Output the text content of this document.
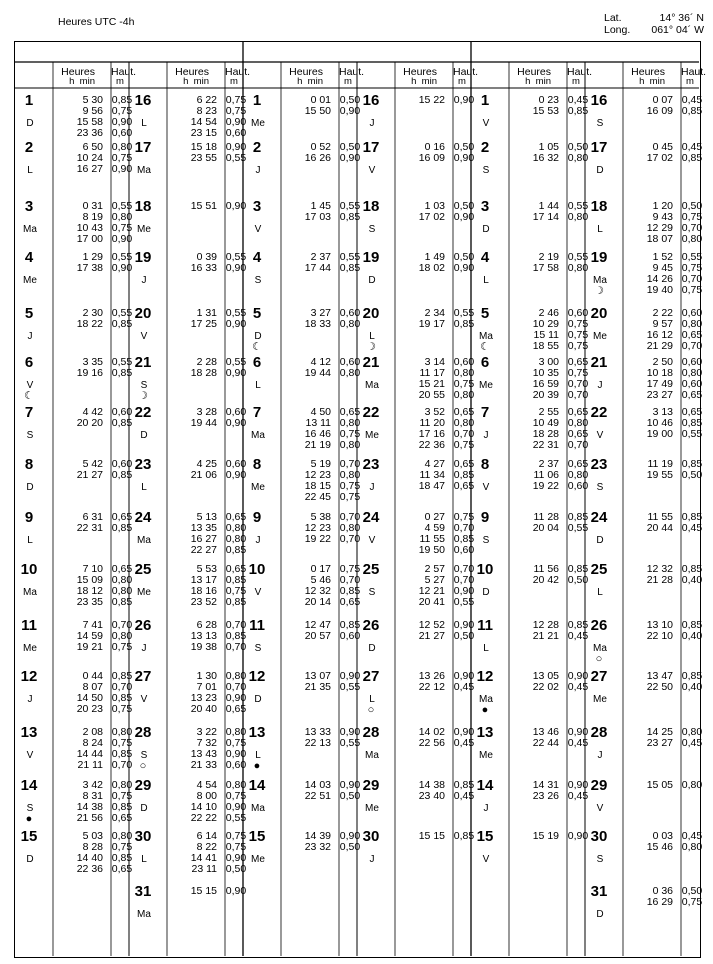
Heures UTC -4h	Lat.	14° 36´ N
Long. 061° 04´ W
Heures
h  min
Haut.
m
1
D
5 30 0,85
9 56 0,75
15 58 0,90
23 36 0,60
2
L
6 50 0,80
10 24 0,75
16 27 0,90
3
Ma
0 31 0,55
8 19 0,80
10 43 0,75
17 00 0,90
4
Me
1 29 0,55
17 38 0,90
5
J
2 30 0,55
18 22 0,85
6
V
☾
3 35 0,55
19 16 0,85
7
S
4 42 0,60
20 20 0,85
8
D
5 42 0,60
21 27 0,85
9
L
6 31 0,65
22 31 0,85
10
Ma
7 10 0,65
15 09 0,80
18 12 0,80
23 35 0,85
11
Me
7 41 0,70
14 59 0,80
19 21 0,75
12
J
0 44 0,85
8 07 0,70
14 50 0,85
20 23 0,75
13
V
2 08 0,80
8 24 0,75
14 44 0,85
21 11 0,70
14
S
●
3 42 0,80
8 31 0,75
14 38 0,85
21 56 0,65
15
D
5 03 0,80
8 28 0,75
14 40 0,85
22 36 0,65
Heures
h  min
Haut.
m
16
L
6 22 0,75
8 23 0,75
14 54 0,90
23 15 0,60
17
Ma
15 18 0,90
23 55 0,55
18
Me
15 51 0,90
19
J
0 39 0,55
16 33 0,90
20
V
1 31 0,55
17 25 0,90
21
S
☽
2 28 0,55
18 28 0,90
22
D
3 28 0,60
19 44 0,90
23
L
4 25 0,60
21 06 0,90
24
Ma
5 13 0,65
13 35 0,80
16 27 0,80
22 27 0,85
25
Me
5 53 0,65
13 17 0,85
18 16 0,75
23 52 0,85
26
J
6 28 0,70
13 13 0,85
19 38 0,70
27
V
1 30 0,80
7 01 0,70
13 23 0,90
20 40 0,65
28
S
○
3 22 0,80
7 32 0,75
13 43 0,90
21 33 0,60
29
D
4 54 0,80
8 00 0,75
14 10 0,90
22 22 0,55
30
L
6 14 0,75
8 22 0,75
14 41 0,90
23 11 0,50
31
Ma
15 15 0,90
Heures
h  min
Haut.
m
1
Me
0 01 0,50
15 50 0,90
2
J
0 52 0,50
16 26 0,90
3
V
1 45 0,55
17 03 0,85
4
S
2 37 0,55
17 44 0,85
5
D
☾
3 27 0,60
18 33 0,80
6
L
4 12 0,60
19 44 0,80
7
Ma
4 50 0,65
13 11 0,80
16 46 0,75
21 19 0,80
8
Me
5 19 0,70
12 23 0,80
18 15 0,75
22 45 0,75
9
J
5 38 0,70
12 23 0,80
19 22 0,70
10
V
0 17 0,75
5 46 0,70
12 32 0,85
20 14 0,65
11
S
12 47 0,85
20 57 0,60
12
D
13 07 0,90
21 35 0,55
13
L
●
13 33 0,90
22 13 0,55
14
Ma
14 03 0,90
22 51 0,50
15
Me
14 39 0,90
23 32 0,50
Heures
h  min
Haut.
m
16
J
15 22 0,90
17
V
0 16 0,50
16 09 0,90
18
S
1 03 0,50
17 02 0,90
19
D
1 49 0,50
18 02 0,90
20
L
☽
2 34 0,55
19 17 0,85
21
Ma
3 14 0,60
11 17 0,80
15 21 0,75
20 55 0,80
22
Me
3 52 0,65
11 20 0,80
17 16 0,70
22 36 0,75
23
J
4 27 0,65
11 34 0,85
18 47 0,65
24
V
0 27 0,75
4 59 0,70
11 55 0,85
19 50 0,60
25
S
2 57 0,70
5 27 0,70
12 21 0,90
20 41 0,55
26
D
12 52 0,90
21 27 0,50
27
L
○
13 26 0,90
22 12 0,45
28
Ma
14 02 0,90
22 56 0,45
29
Me
14 38 0,85
23 40 0,45
30
J
15 15 0,85
Heures
h  min
Haut.
m
1
V
0 23 0,45
15 53 0,85
2
S
1 05 0,50
16 32 0,80
3
D
1 44 0,55
17 14 0,80
4
L
2 19 0,55
17 58 0,80
5
Ma
☾
2 46 0,60
10 29 0,75
15 11 0,75
18 55 0,75
6
Me
3 00 0,65
10 35 0,75
16 59 0,70
20 39 0,70
7
J
2 55 0,65
10 49 0,80
18 28 0,65
22 31 0,70
8
V
2 37 0,65
11 06 0,80
19 22 0,60
9
S
11 28 0,85
20 04 0,55
10
D
11 56 0,85
20 42 0,50
11
L
12 28 0,85
21 21 0,45
12
Ma
●
13 05 0,90
22 02 0,45
13
Me
13 46 0,90
22 44 0,45
14
J
14 31 0,90
23 26 0,45
15
V
15 19 0,90
Heures
h  min
Haut.
m
16
S
0 07 0,45
16 09 0,85
17
D
0 45 0,45
17 02 0,85
18
L
1 20 0,50
9 43 0,75
12 29 0,70
18 07 0,80
19
Ma
☽
1 52 0,55
9 45 0,75
14 26 0,70
19 40 0,75
20
Me
2 22 0,60
9 57 0,80
16 12 0,65
21 29 0,70
21
J
2 50 0,60
10 18 0,80
17 49 0,60
23 27 0,65
22
V
3 13 0,65
10 46 0,85
19 00 0,55
23
S
11 19 0,85
19 55 0,50
24
D
11 55 0,85
20 44 0,45
25
L
12 32 0,85
21 28 0,40
26
Ma
○
13 10 0,85
22 10 0,40
27
Me
13 47 0,85
22 50 0,40
28
J
14 25 0,80
23 27 0,45
29
V
15 05 0,80
30
S
0 03 0,45
15 46 0,80
31
D
0 36 0,50
16 29 0,75
